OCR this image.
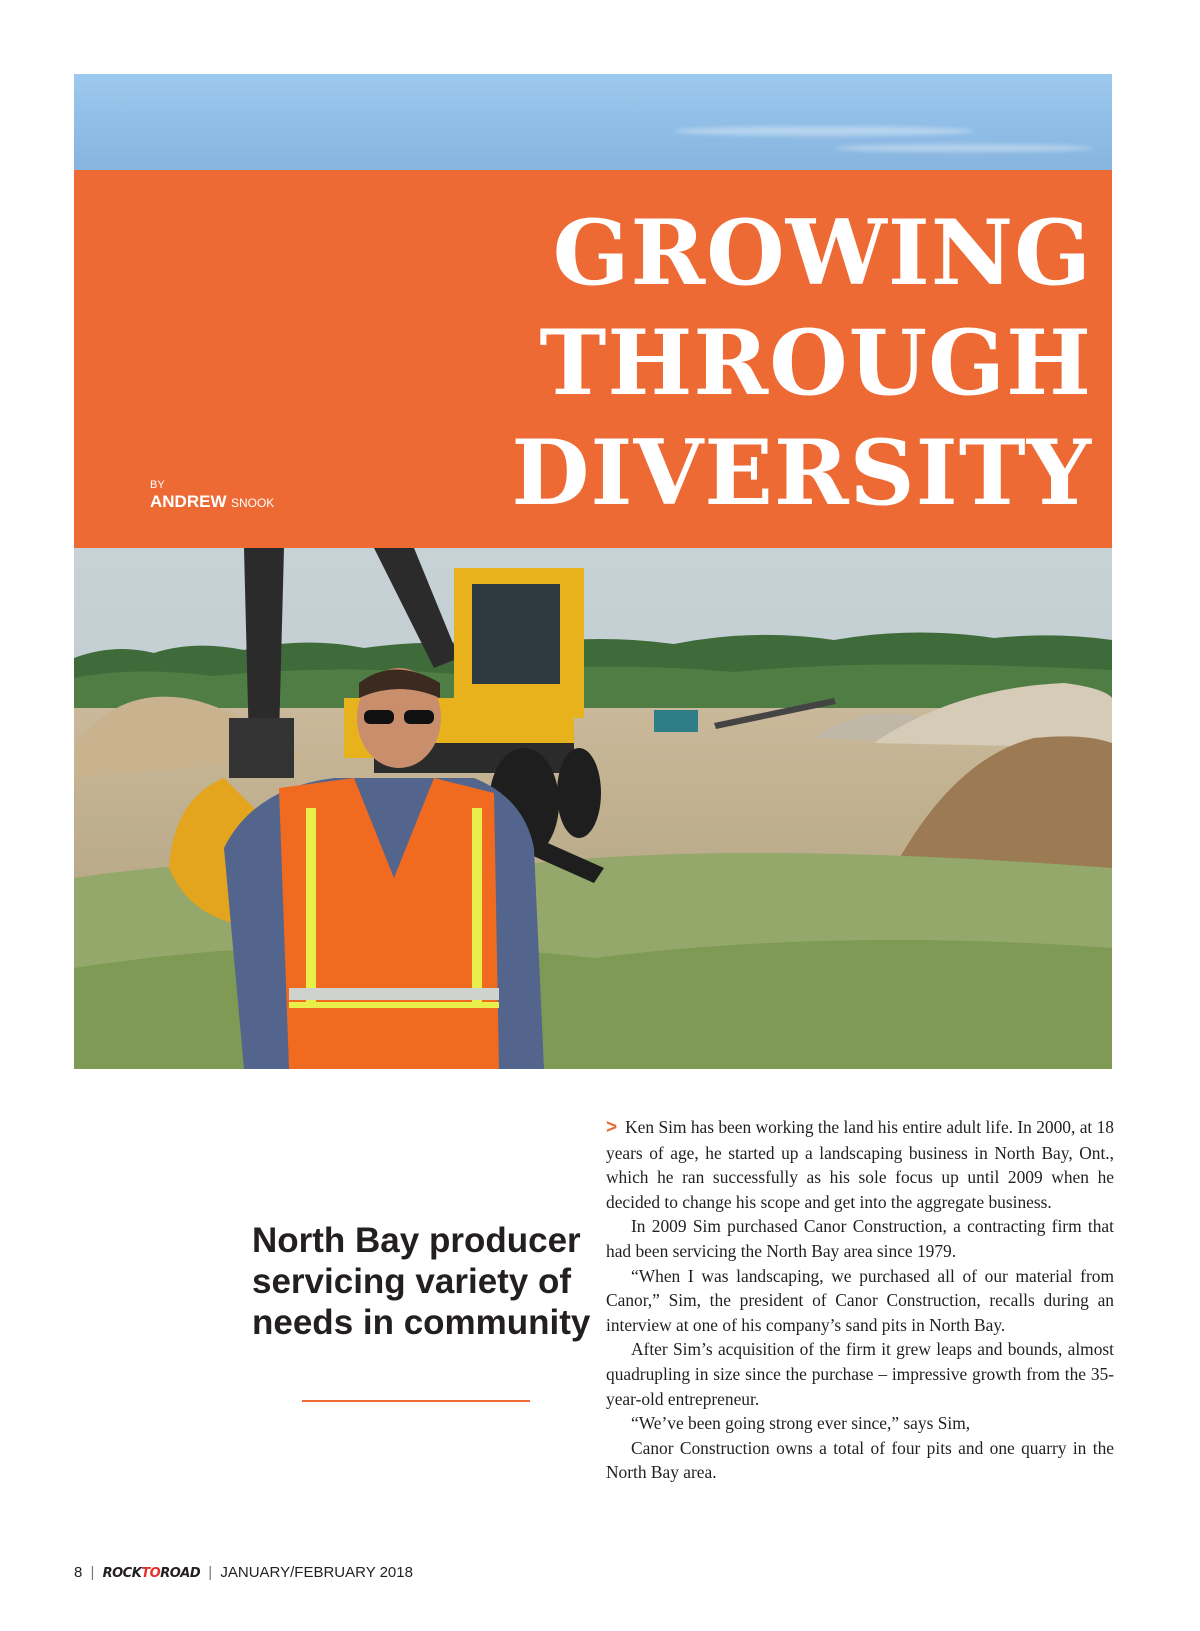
GROWING
THROUGH
DIVERSITY
BY
ANDREW SNOOK
North Bay producer servicing variety of needs in community

> Ken Sim has been working the land his entire adult life. In 2000, at 18 years of age, he started up a landscaping business in North Bay, Ont., which he ran successfully as his sole focus up until 2009 when he decided to change his scope and get into the aggregate business.

In 2009 Sim purchased Canor Construction, a contracting firm that had been servicing the North Bay area since 1979.

“When I was landscaping, we purchased all of our material from Canor,” Sim, the president of Canor Construction, recalls during an interview at one of his company’s sand pits in North Bay.

After Sim’s acquisition of the firm it grew leaps and bounds, almost quadrupling in size since the purchase – impressive growth from the 35-year-old entrepreneur.

“We’ve been going strong ever since,” says Sim,

Canor Construction owns a total of four pits and one quarry in the North Bay area.

8 | ROCKTOROAD | JANUARY/FEBRUARY 2018
